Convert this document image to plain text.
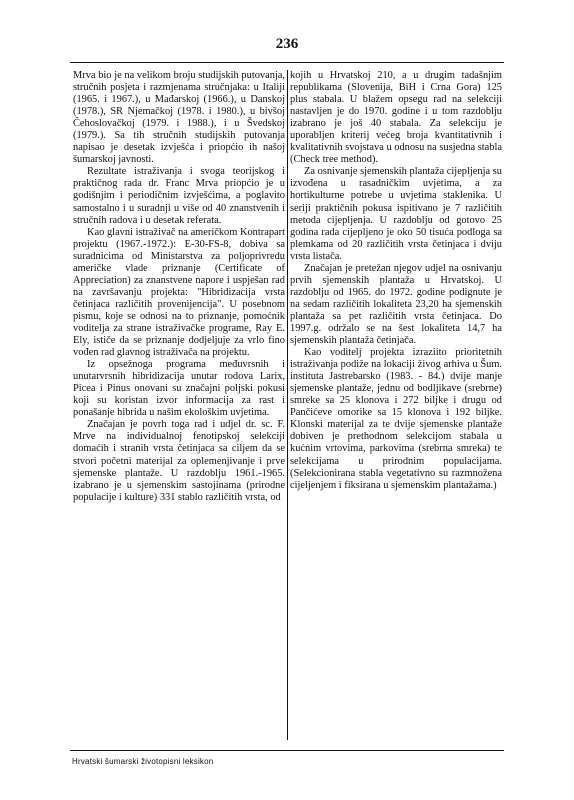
236

Mrva bio je na velikom broju studijskih putovanja, stručnih posjeta i razmjenama stručnjaka: u Italiji (1965. i 1967.), u Mađarskoj (1966.), u Danskoj (1978.), SR Njemačkoj (1978. i 1980.), u bivšoj Čehoslovačkoj (1979. i 1988.), i u Švedskoj (1979.). Sa tih stručnih studijskih putovanja napisao je desetak izvješća i priopćio ih našoj šumarskoj javnosti.

Rezultate istraživanja i svoga teorijskog i praktičnog rada dr. Franc Mrva priopćio je u godišnjim i periodičnim izvješćima, a poglavito samostalno i u suradnji u više od 40 znanstvenih i stručnih radova i u desetak referata.

Kao glavni istraživač na američkom Kontrapart projektu (1967.-1972.): E-30-FS-8, dobiva sa suradnicima od Ministarstva za poljoprivredu američke vlade priznanje (Certificate of Appreciation) za znanstvene napore i uspješan rad na završavanju projekta: "Hibridizacija vrsta četinjaca različitih provenijencija". U posebnom pismu, koje se odnosi na to priznanje, pomoćnik voditelja za strane istraživačke programe, Ray E. Ely, ističe da se priznanje dodjeljuje za vrlo fino vođen rad glavnog istraživača na projektu.

Iz opsežnoga programa međuvrsnih i unutarvrsnih hibridizacija unutar rodova Larix, Picea i Pinus onovani su značajni poljski pokusi koji su koristan izvor informacija za rast i ponašanje hibrida u našim ekološkim uvjetima.

Značajan je povrh toga rad i udjel dr. sc. F. Mrve na individualnoj fenotipskoj selekciji domaćih i stranih vrsta četinjaca sa ciljem da se stvori početni materijal za oplemenjivanje i prve sjemenske plantaže. U razdoblju 1961.-1965. izabrano je u sjemenskim sastojinama (prirodne populacije i kulture) 331 stablo različitih vrsta, od

kojih u Hrvatskoj 210, a u drugim tadašnjim republikama (Slovenija, BiH i Crna Gora) 125 plus stabala. U blažem opsegu rad na selekciji nastavljen je do 1970. godine i u tom razdoblju izabrano je još 40 stabala. Za selekciju je uporabljen kriterij većeg broja kvantitativnih i kvalitativnih svojstava u odnosu na susjedna stabla (Check tree method).

Za osnivanje sjemenskih plantaža cijepljenja su izvođena u rasadničkim uvjetima, a za hortikulturne potrebe u uvjetima staklenika. U seriji praktičnih pokusa ispitivano je 7 različitih metoda cijepljenja. U razdoblju od gotovo 25 godina rada cijepljeno je oko 50 tisuća podloga sa plemkama od 20 različitih vrsta četinjaca i dviju vrsta listača.

Značajan je pretežan njegov udjel na osnivanju prvih sjemenskih plantaža u Hrvatskoj. U razdoblju od 1965. do 1972. godine podignute je na sedam različitih lokaliteta 23,20 ha sjemenskih plantaža sa pet različitih vrsta četinjaca. Do 1997.g. održalo se na šest lokaliteta 14,7 ha sjemenskih plantaža četinjača.

Kao voditelj projekta izraziito prioritetnih istraživanja podiže na lokaciji živog arhiva u Šum. instituta Jastrebarsko (1983. - 84.) dvije manje sjemenske plantaže, jednu od bodljikave (srebrne) smreke sa 25 klonova i 272 biljke i drugu od Pančićeve omorike sa 15 klonova i 192 biljke. Klonski materijal za te dvije sjemenske plantaže dobiven je prethodnom selekcijom stabala u kućnim vrtovima, parkovima (srebrna smreka) te selekcijama u prirodnim populacijama. (Selekcionirana stabla vegetativno su razmnožena cijeljenjem i fiksirana u sjemenskim plantažama.)

Hrvatski šumarski životopisni leksikon
